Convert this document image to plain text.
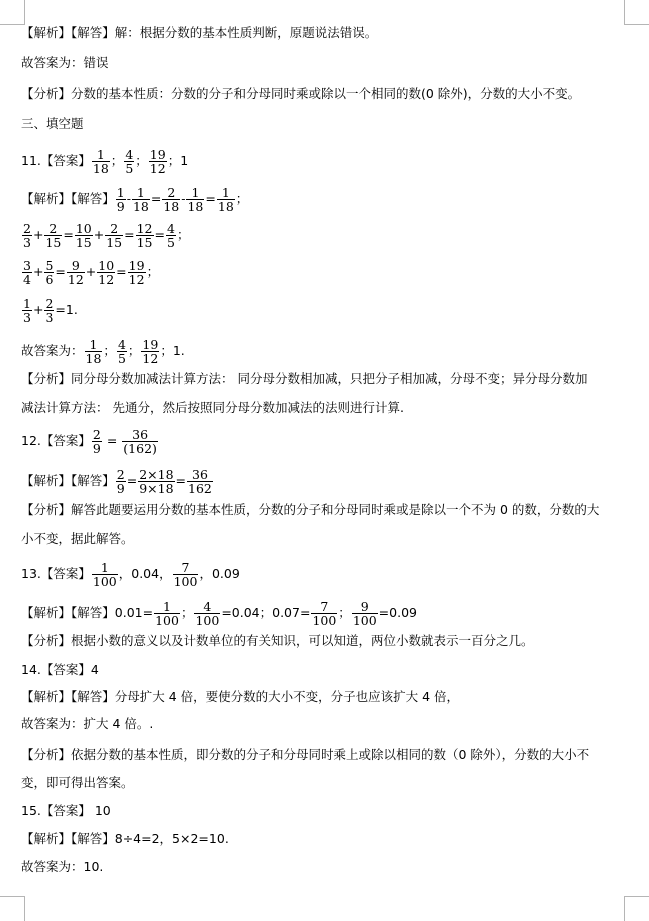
【解析】【解答】解：根据分数的基本性质判断，原题说法错误。
故答案为：错误
【分析】分数的基本性质：分数的分子和分母同时乘或除以一个相同的数(0 除外)，分数的大小不变。
三、填空题
11.【答案】 $\frac{1}{18}$ ； $\frac{4}{5}$ ； $\frac{19}{12}$ ；1
【解析】【解答】 $\frac{1}{9} - \frac{1}{18} = \frac{2}{18} - \frac{1}{18} = \frac{1}{18}$ ；
$\frac{2}{3} + \frac{2}{15} = \frac{10}{15} + \frac{2}{15} = \frac{12}{15} = \frac{4}{5}$ ；
$\frac{3}{4} + \frac{5}{6} = \frac{9}{12} + \frac{10}{12} = \frac{19}{12}$ ；
$\frac{1}{3} + \frac{2}{3} =1$.
故答案为： $\frac{1}{18}$ ； $\frac{4}{5}$ ； $\frac{19}{12}$ ；1.
【分析】同分母分数加减法计算方法： 同分母分数相加减，只把分子相加减，分母不变；异分母分数加
减法计算方法： 先通分，然后按照同分母分数加减法的法则进行计算.
12.【答案】 $\frac{2}{9} = \frac{36}{(162)}$
【解析】【解答】 $\frac{2}{9} = \frac{2\times 18}{9\times 18} = \frac{36}{162}$
【分析】解答此题要运用分数的基本性质，分数的分子和分母同时乘或是除以一个不为 0 的数，分数的大
小不变，据此解答。
13.【答案】 $\frac{1}{100}$ ，0.04， $\frac{7}{100}$ ，0.09
【解析】【解答】$0.01= \frac{1}{100}$ ； $\frac{4}{100} =0.04$；$0.07= \frac{7}{100}$ ； $\frac{9}{100} =0.09$
【分析】根据小数的意义以及计数单位的有关知识，可以知道，两位小数就表示一百分之几。
14.【答案】4
【解析】【解答】分母扩大 4 倍，要使分数的大小不变，分子也应该扩大 4 倍，
故答案为：扩大 4 倍。.
【分析】依据分数的基本性质，即分数的分子和分母同时乘上或除以相同的数（0 除外），分数的大小不
变，即可得出答案。
15.【答案】 10
【解析】【解答】8÷4=2，5×2=10.
故答案为：10.
